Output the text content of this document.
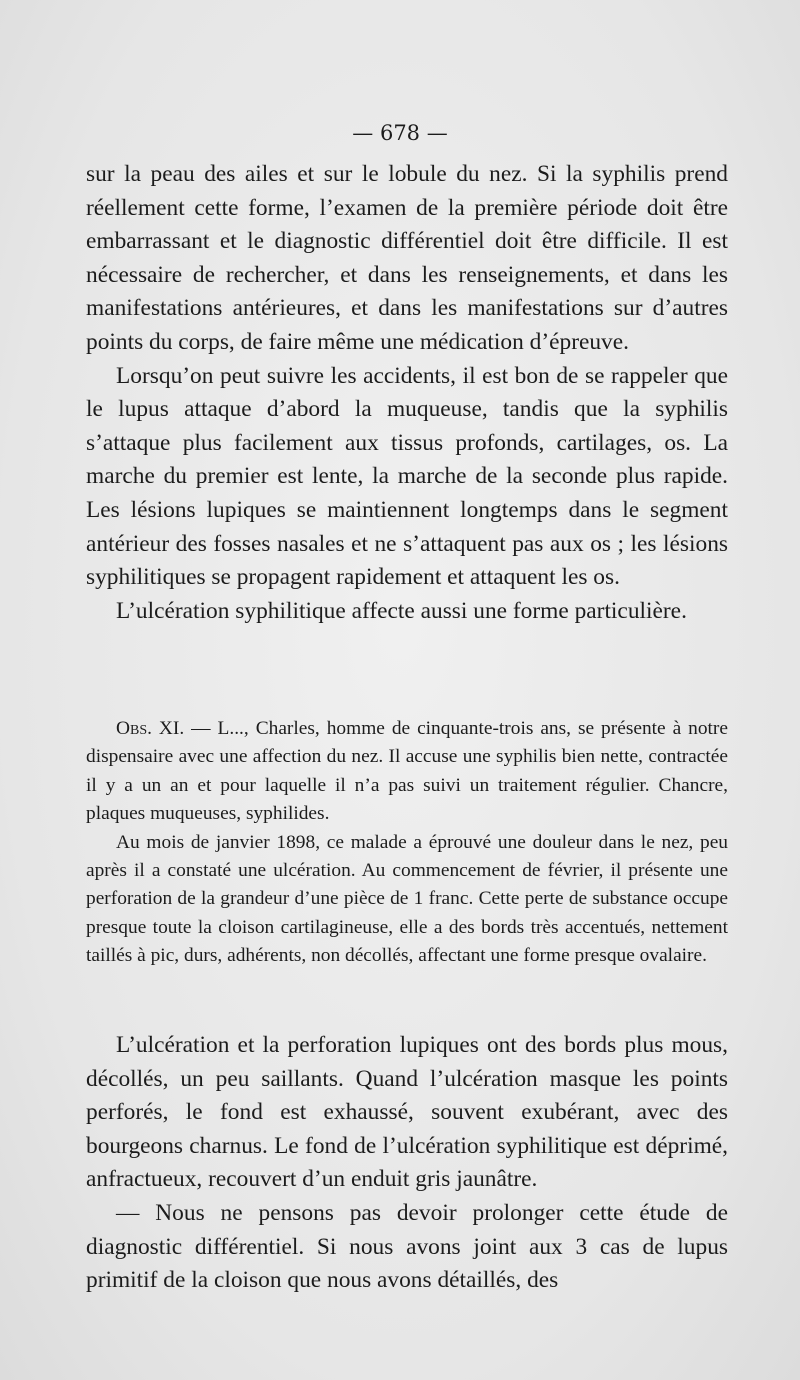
— 678 —

sur la peau des ailes et sur le lobule du nez. Si la syphilis prend réellement cette forme, l’examen de la première période doit être embarrassant et le diagnostic différentiel doit être difficile. Il est nécessaire de rechercher, et dans les renseignements, et dans les manifestations antérieures, et dans les manifestations sur d’autres points du corps, de faire même une médication d’épreuve.

Lorsqu’on peut suivre les accidents, il est bon de se rappeler que le lupus attaque d’abord la muqueuse, tandis que la syphilis s’attaque plus facilement aux tissus profonds, cartilages, os. La marche du premier est lente, la marche de la seconde plus rapide. Les lésions lupiques se maintiennent longtemps dans le segment antérieur des fosses nasales et ne s’attaquent pas aux os ; les lésions syphilitiques se propagent rapidement et attaquent les os.

L’ulcération syphilitique affecte aussi une forme particulière.

Obs. XI. — L..., Charles, homme de cinquante-trois ans, se présente à notre dispensaire avec une affection du nez. Il accuse une syphilis bien nette, contractée il y a un an et pour laquelle il n’a pas suivi un traitement régulier. Chancre, plaques muqueuses, syphilides.

Au mois de janvier 1898, ce malade a éprouvé une douleur dans le nez, peu après il a constaté une ulcération. Au commencement de février, il présente une perforation de la grandeur d’une pièce de 1 franc. Cette perte de substance occupe presque toute la cloison cartilagineuse, elle a des bords très accentués, nettement taillés à pic, durs, adhérents, non décollés, affectant une forme presque ovalaire.

L’ulcération et la perforation lupiques ont des bords plus mous, décollés, un peu saillants. Quand l’ulcération masque les points perforés, le fond est exhaussé, souvent exubérant, avec des bourgeons charnus. Le fond de l’ulcération syphilitique est déprimé, anfractueux, recouvert d’un enduit gris jaunâtre.

— Nous ne pensons pas devoir prolonger cette étude de diagnostic différentiel. Si nous avons joint aux 3 cas de lupus primitif de la cloison que nous avons détaillés, des
